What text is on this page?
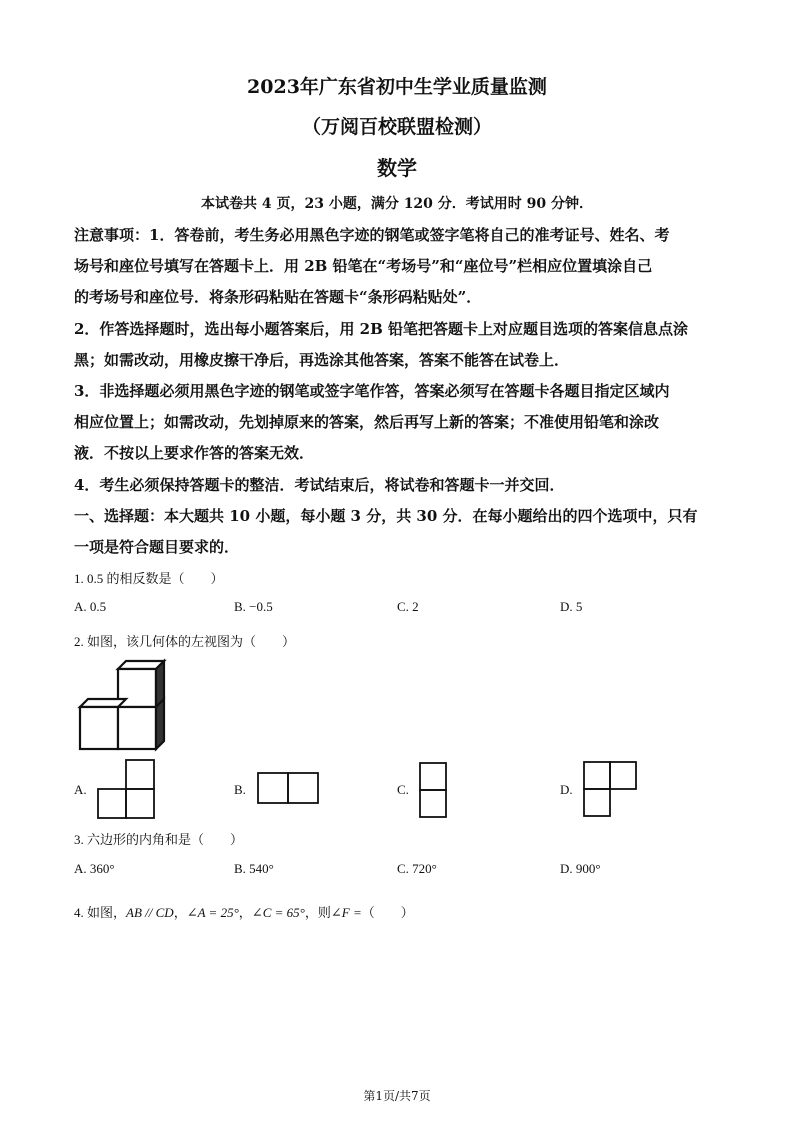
2023年广东省初中生学业质量监测
（万阅百校联盟检测）
数学
本试卷共 4 页，23 小题，满分 120 分．考试用时 90 分钟．
注意事项：1．答卷前，考生务必用黑色字迹的钢笔或签字笔将自己的准考证号、姓名、考
场号和座位号填写在答题卡上．用 2B 铅笔在“考场号”和“座位号”栏相应位置填涂自己
的考场号和座位号．将条形码粘贴在答题卡“条形码粘贴处”．
2．作答选择题时，选出每小题答案后，用 2B 铅笔把答题卡上对应题目选项的答案信息点涂
黑；如需改动，用橡皮擦干净后，再选涂其他答案，答案不能答在试卷上．
3．非选择题必须用黑色字迹的钢笔或签字笔作答，答案必须写在答题卡各题目指定区域内
相应位置上；如需改动，先划掉原来的答案，然后再写上新的答案；不准使用铅笔和涂改
液．不按以上要求作答的答案无效．
4．考生必须保持答题卡的整洁．考试结束后，将试卷和答题卡一并交回．
一、选择题：本大题共 10 小题，每小题 3 分，共 30 分．在每小题给出的四个选项中，只有
一项是符合题目要求的．
1. 0.5 的相反数是（　　）
A. 0.5	B. −0.5	C. 2	D. 5
2. 如图，该几何体的左视图为（　　）
A.	B.	C.	D.
3. 六边形的内角和是（　　）
A. 360°	B. 540°	C. 720°	D. 900°
4. 如图，AB // CD，∠A = 25°，∠C = 65°，则∠F =（　　）
第1页/共7页
